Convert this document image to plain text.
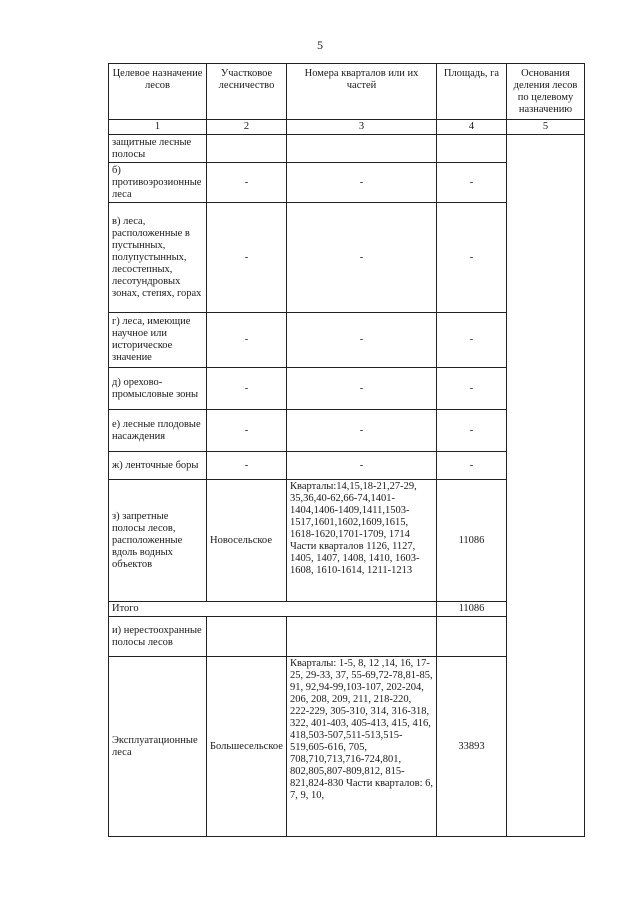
5
Целевое назначение лесов	Участковое лесничество	Номера кварталов или их частей	Площадь, га	Основания деления лесов по целевому назначению
1	2	3	4	5
защитные лесные полосы				
б) противоэрозионные леса	-	-	-	
в) леса, расположенные в пустынных, полупустынных, лесостепных, лесотундровых зонах, степях, горах	-	-	-	
г) леса, имеющие научное или историческое значение	-	-	-	
д) орехово-промысловые зоны	-	-	-	
е) лесные плодовые насаждения	-	-	-	
ж) ленточные боры	-	-	-	
з) запретные полосы лесов, расположенные вдоль водных объектов	Новосельское	Кварталы:14,15,18-21,27-29, 35,36,40-62,66-74,1401-1404,1406-1409,1411,1503-1517,1601,1602,1609,1615, 1618-1620,1701-1709, 1714 Части кварталов 1126, 1127, 1405, 1407, 1408, 1410, 1603-1608, 1610-1614, 1211-1213	11086	
Итого			11086	
и) нерестоохранные полосы лесов				
Эксплуатационные леса	Большесельское	Кварталы: 1-5, 8, 12 ,14, 16, 17-25, 29-33, 37, 55-69,72-78,81-85, 91, 92,94-99,103-107, 202-204, 206, 208, 209, 211, 218-220, 222-229, 305-310, 314, 316-318, 322, 401-403, 405-413, 415, 416, 418,503-507,511-513,515-519,605-616, 705, 708,710,713,716-724,801, 802,805,807-809,812, 815-821,824-830 Части кварталов: 6, 7, 9, 10,	33893	
